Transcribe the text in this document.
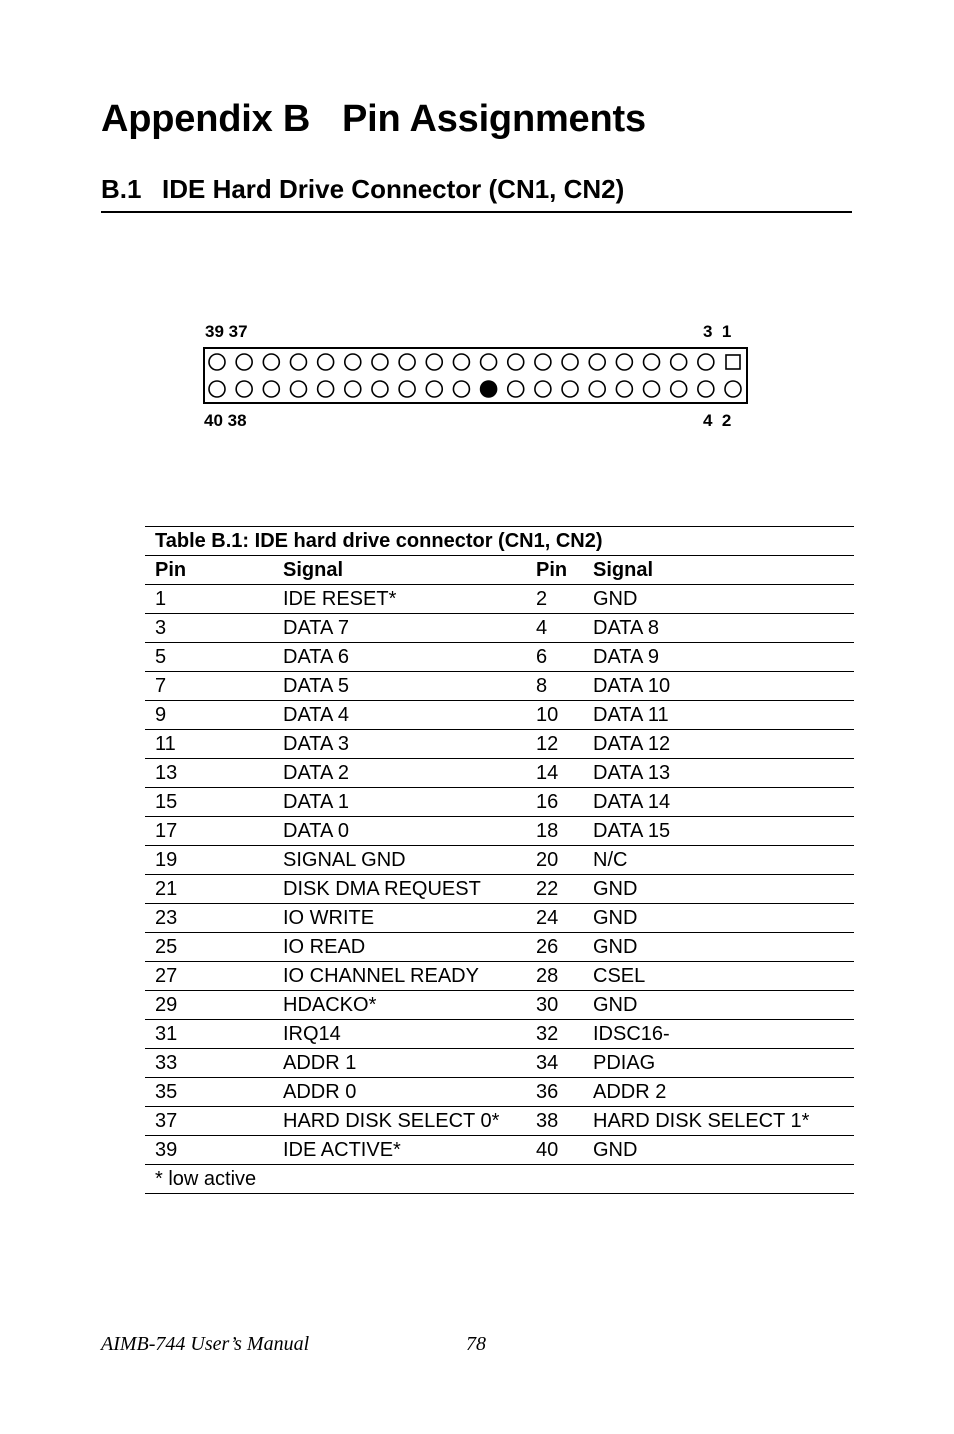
Appendix B Pin Assignments
B.1 IDE Hard Drive Connector (CN1, CN2)
39 37	3  1
40 38	4  2
Table B.1: IDE hard drive connector (CN1, CN2)			
Pin	Signal	Pin	Signal
1	IDE RESET*	2	GND
3	DATA 7	4	DATA 8
5	DATA 6	6	DATA 9
7	DATA 5	8	DATA 10
9	DATA 4	10	DATA 11
11	DATA 3	12	DATA 12
13	DATA 2	14	DATA 13
15	DATA 1	16	DATA 14
17	DATA 0	18	DATA 15
19	SIGNAL GND	20	N/C
21	DISK DMA REQUEST	22	GND
23	IO WRITE	24	GND
25	IO READ	26	GND
27	IO CHANNEL READY	28	CSEL
29	HDACKO*	30	GND
31	IRQ14	32	IDSC16-
33	ADDR 1	34	PDIAG
35	ADDR 0	36	ADDR 2
37	HARD DISK SELECT 0*	38	HARD DISK SELECT 1*
39	IDE ACTIVE*	40	GND
* low active			
AIMB-744 User’s Manual	78
